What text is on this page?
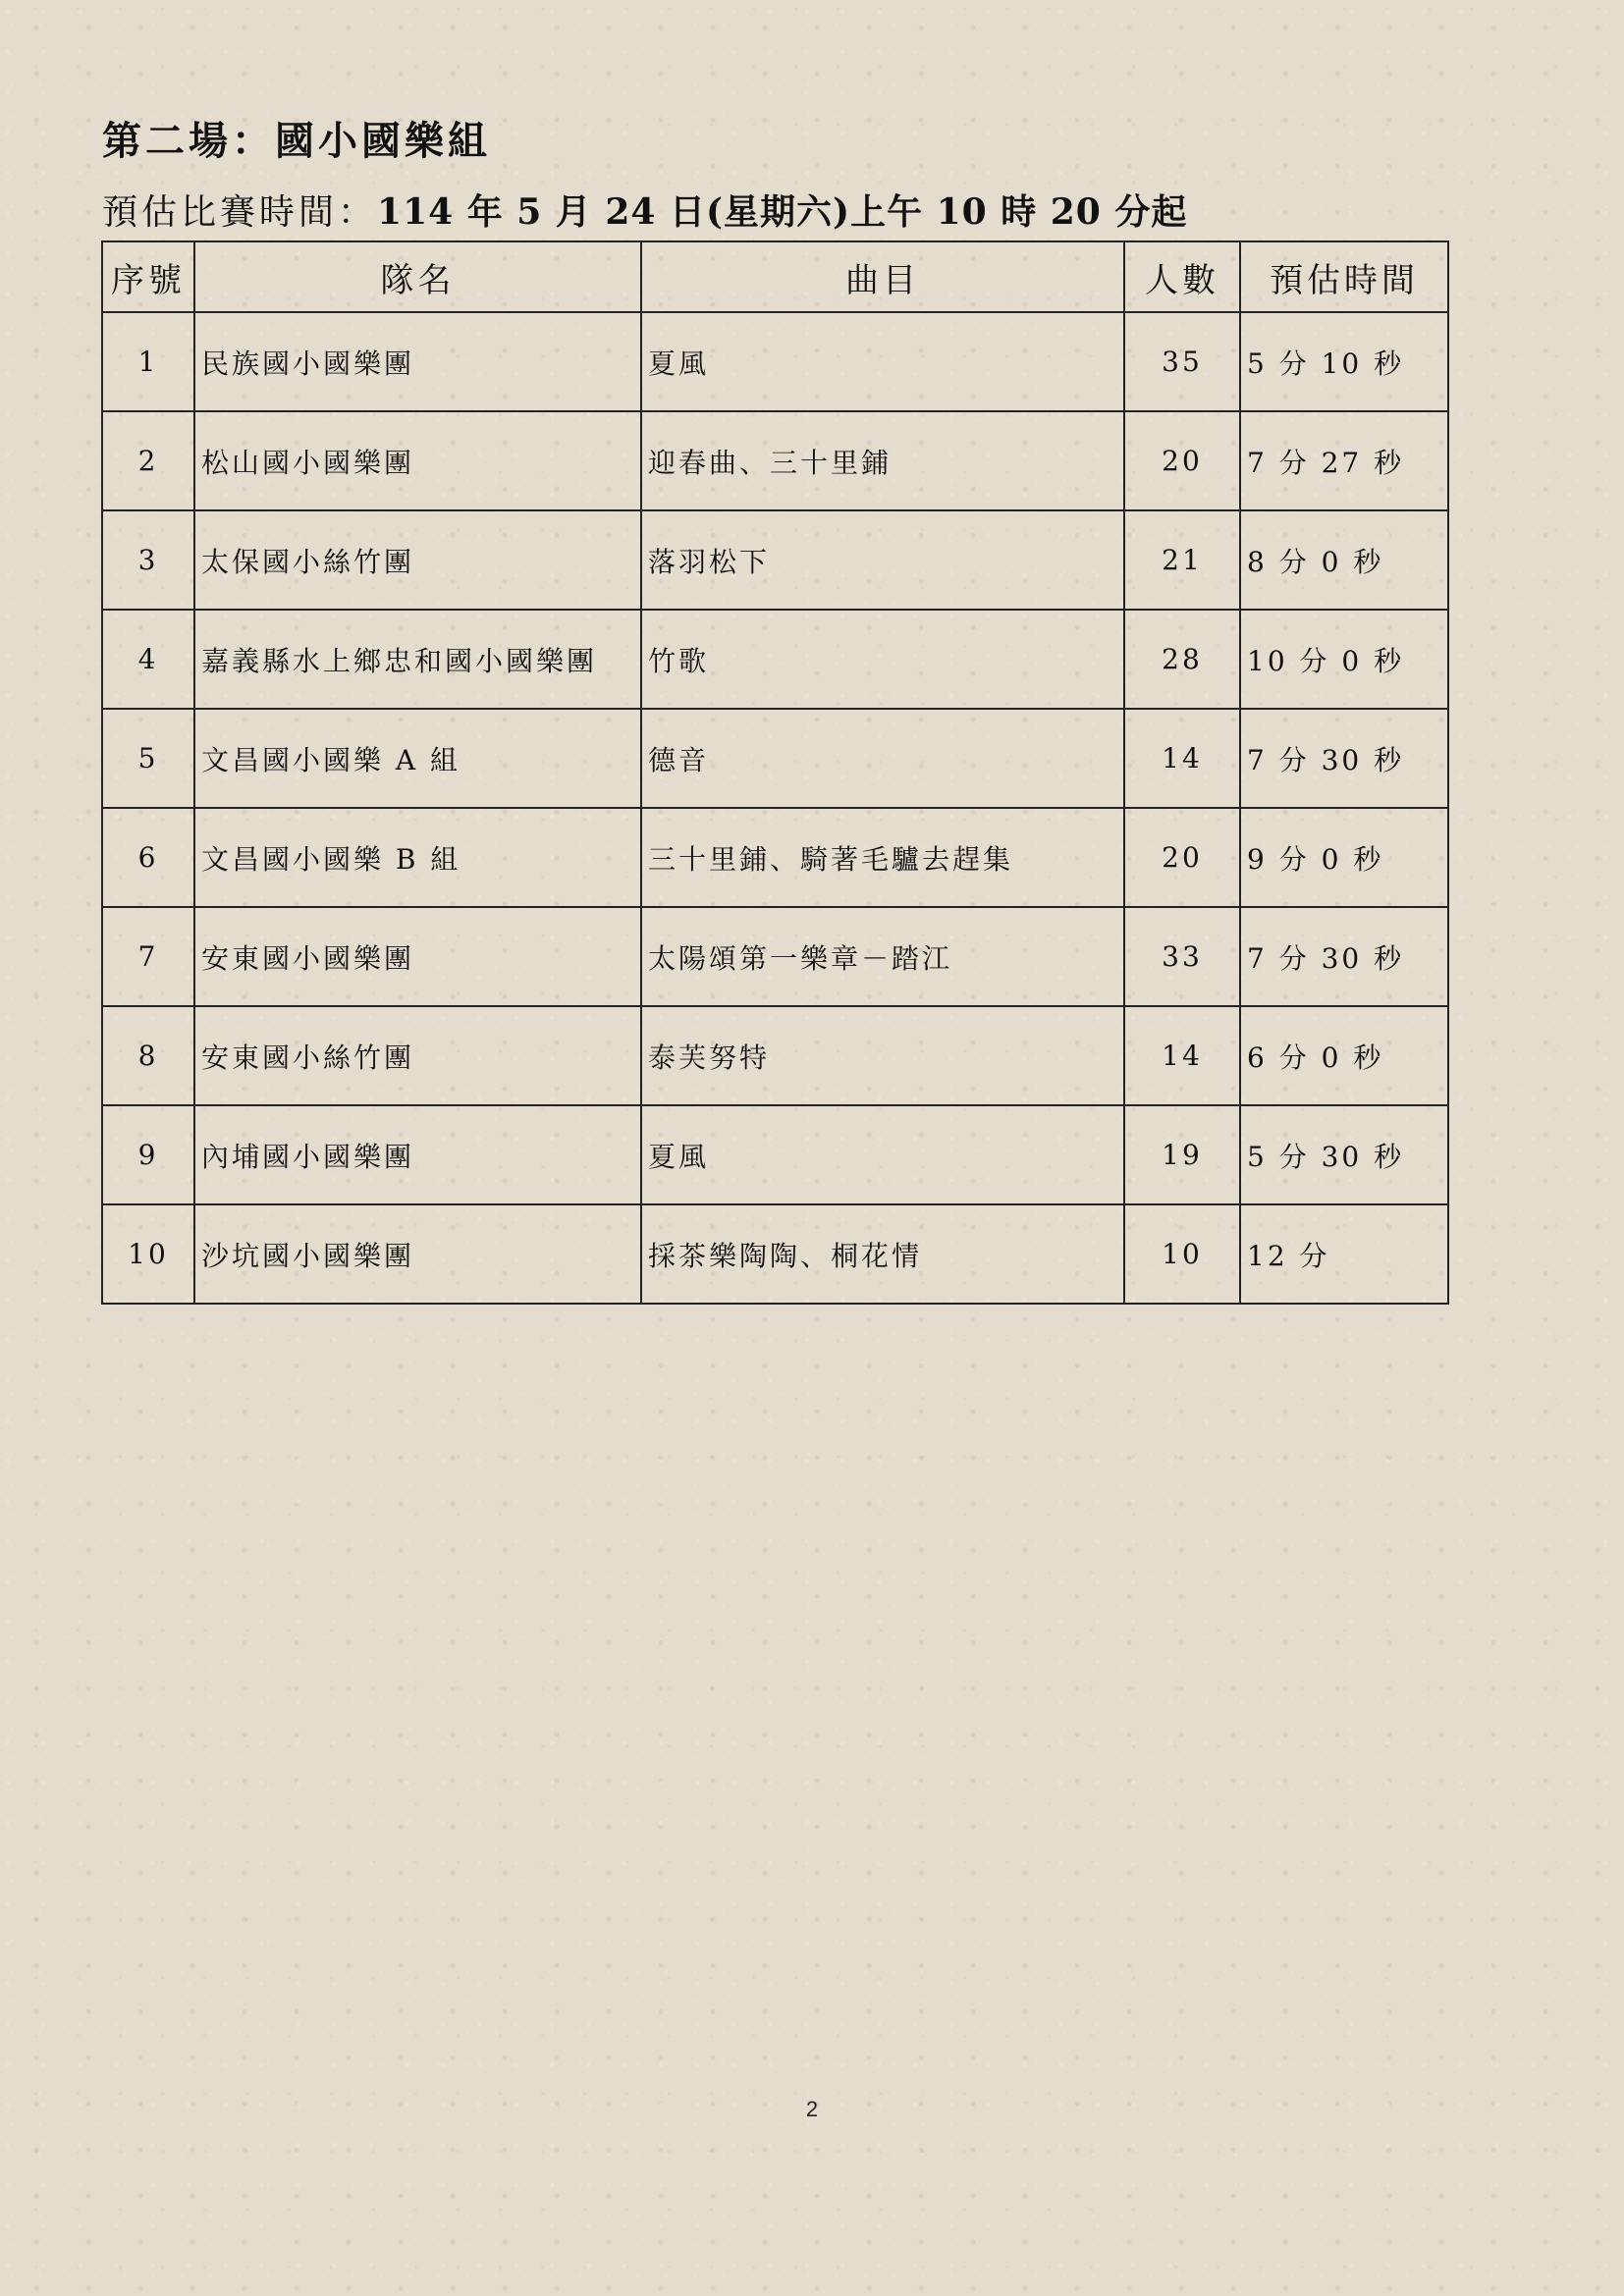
第二場：國小國樂組

預估比賽時間：114 年 5 月 24 日(星期六)上午 10 時 20 分起

序號	隊名	曲目	人數	預估時間
1	民族國小國樂團	夏風	35	5 分 10 秒
2	松山國小國樂團	迎春曲、三十里鋪	20	7 分 27 秒
3	太保國小絲竹團	落羽松下	21	8 分 0 秒
4	嘉義縣水上鄉忠和國小國樂團	竹歌	28	10 分 0 秒
5	文昌國小國樂 A 組	德音	14	7 分 30 秒
6	文昌國小國樂 B 組	三十里鋪、騎著毛驢去趕集	20	9 分 0 秒
7	安東國小國樂團	太陽頌第一樂章－踏江	33	7 分 30 秒
8	安東國小絲竹團	泰芙努特	14	6 分 0 秒
9	內埔國小國樂團	夏風	19	5 分 30 秒
10	沙坑國小國樂團	採茶樂陶陶、桐花情	10	12 分
2
